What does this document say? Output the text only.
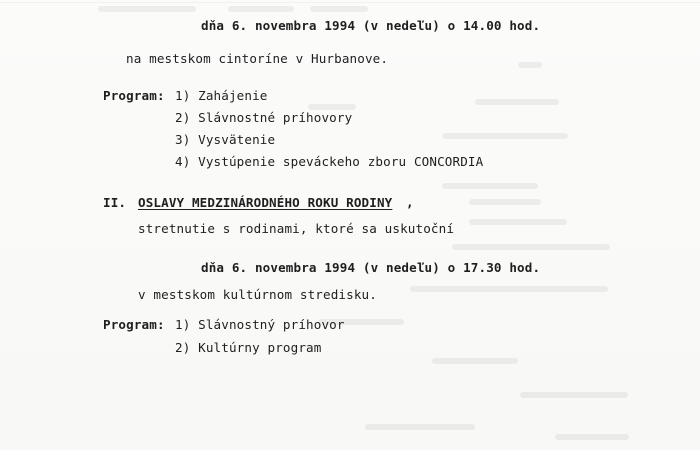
dňa 6. novembra 1994 (v nedeľu) o 14.00 hod.
na mestskom cintoríne v Hurbanove.
Program: 1) Zahájenie
2) Slávnostné príhovory
3) Vysvätenie
4) Vystúpenie speváckeho zboru CONCORDIA
II. OSLAVY MEDZINÁRODNÉHO ROKU RODINY ,
stretnutie s rodinami, ktoré sa uskutoční
dňa 6. novembra 1994 (v nedeľu) o 17.30 hod.
v mestskom kultúrnom stredisku.
Program: 1) Slávnostný príhovor
2) Kultúrny program
